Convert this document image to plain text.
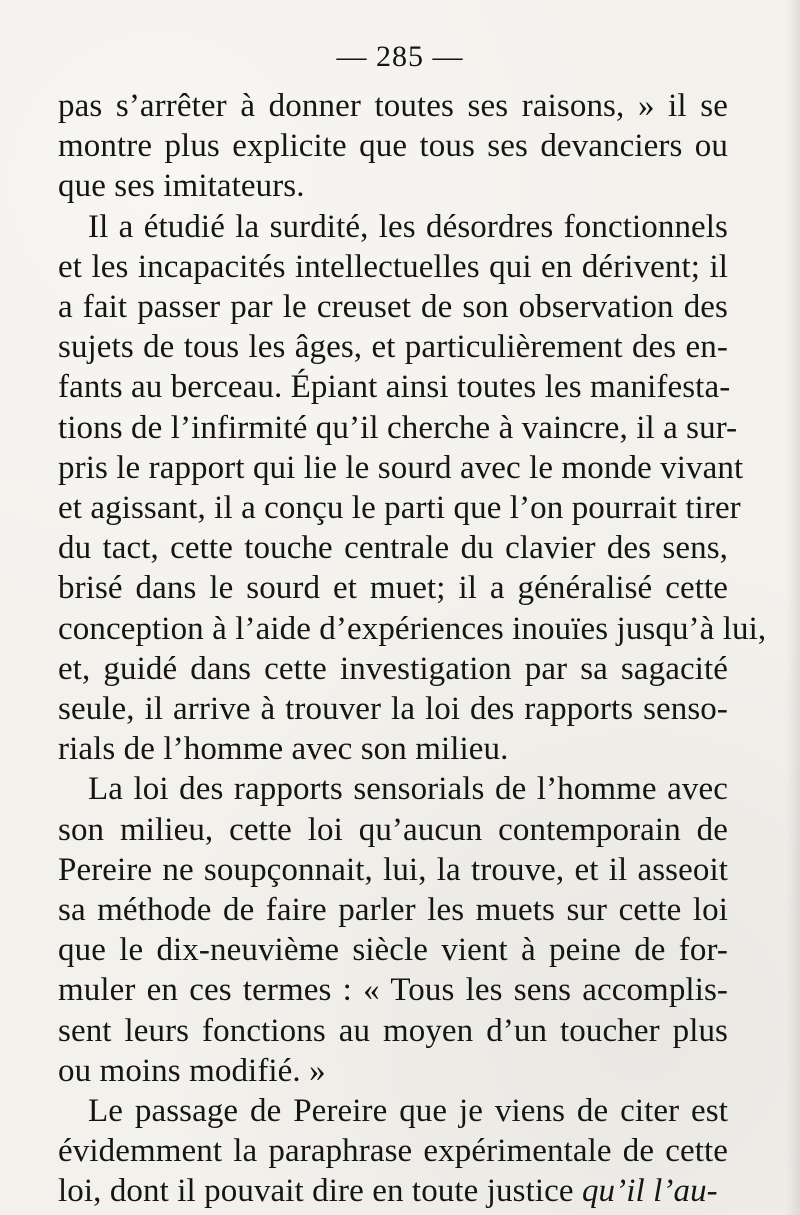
— 285 —
pas s’arrêter à donner toutes ses raisons, » il se
montre plus explicite que tous ses devanciers ou
que ses imitateurs.
Il a étudié la surdité, les désordres fonctionnels
et les incapacités intellectuelles qui en dérivent; il
a fait passer par le creuset de son observation des
sujets de tous les âges, et particulièrement des en-
fants au berceau. Épiant ainsi toutes les manifesta-
tions de l’infirmité qu’il cherche à vaincre, il a sur-
pris le rapport qui lie le sourd avec le monde vivant
et agissant, il a conçu le parti que l’on pourrait tirer
du tact, cette touche centrale du clavier des sens,
brisé dans le sourd et muet; il a généralisé cette
conception à l’aide d’expériences inouïes jusqu’à lui,
et, guidé dans cette investigation par sa sagacité
seule, il arrive à trouver la loi des rapports senso-
rials de l’homme avec son milieu.
La loi des rapports sensorials de l’homme avec
son milieu, cette loi qu’aucun contemporain de
Pereire ne soupçonnait, lui, la trouve, et il asseoit
sa méthode de faire parler les muets sur cette loi
que le dix-neuvième siècle vient à peine de for-
muler en ces termes : « Tous les sens accomplis-
sent leurs fonctions au moyen d’un toucher plus
ou moins modifié. »
Le passage de Pereire que je viens de citer est
évidemment la paraphrase expérimentale de cette
loi, dont il pouvait dire en toute justice qu’il l’au-
